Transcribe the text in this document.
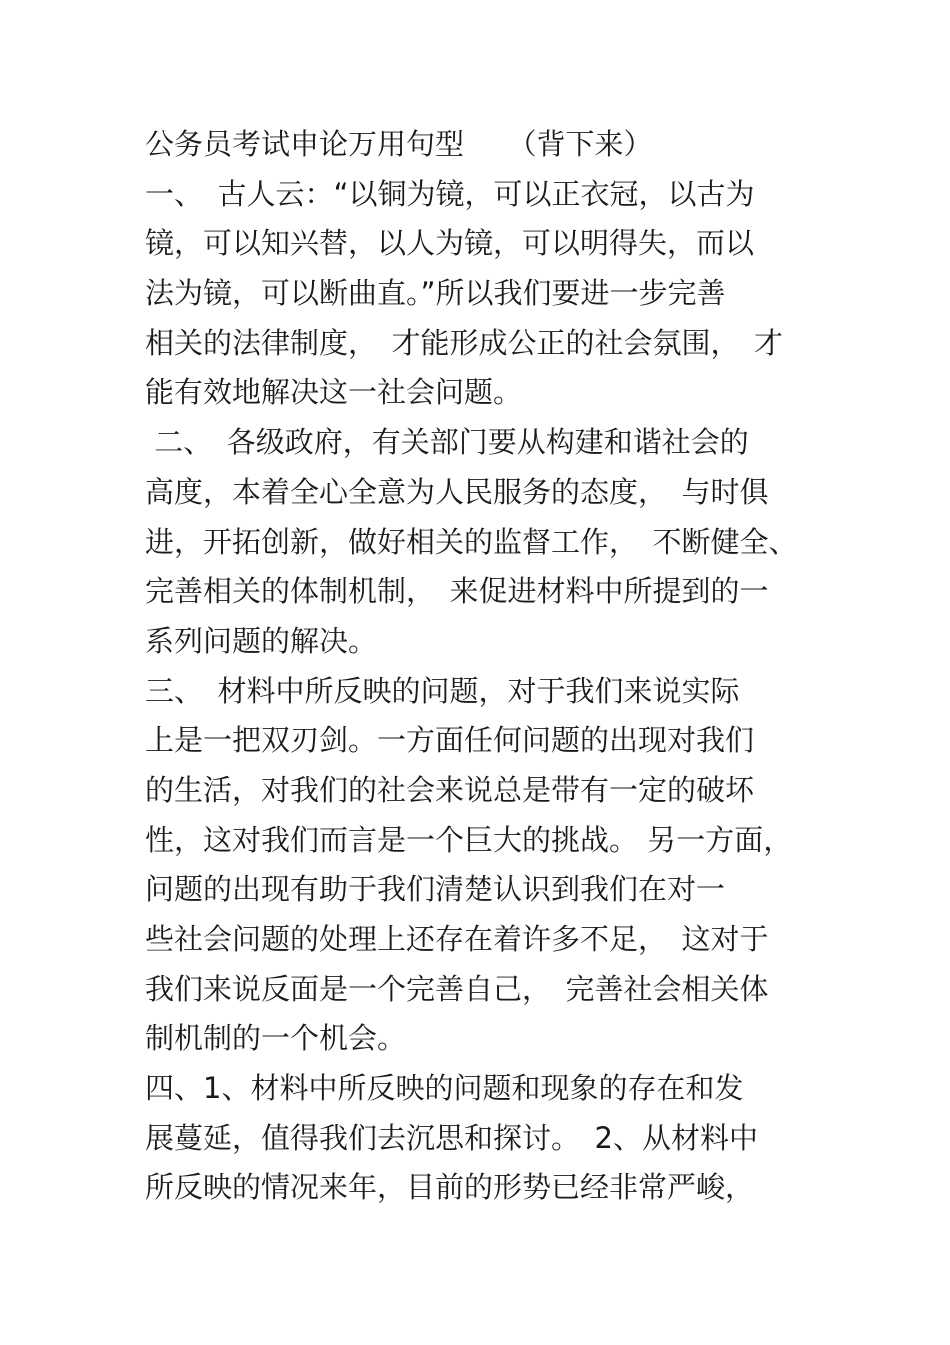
公务员考试申论万用句型　　（背下来）
一、　古人云：“以铜为镜，可以正衣冠，以古为
镜，可以知兴替，以人为镜，可以明得失，而以
法为镜，可以断曲直。”所以我们要进一步完善
相关的法律制度，　才能形成公正的社会氛围，　才
能有效地解决这一社会问题。
二、　各级政府，有关部门要从构建和谐社会的
高度，本着全心全意为人民服务的态度，　与时俱
进，开拓创新，做好相关的监督工作，　不断健全、
完善相关的体制机制，　来促进材料中所提到的一
系列问题的解决。
三、　材料中所反映的问题，对于我们来说实际
上是一把双刃剑。一方面任何问题的出现对我们
的生活，对我们的社会来说总是带有一定的破坏
性，这对我们而言是一个巨大的挑战。 另一方面，
问题的出现有助于我们清楚认识到我们在对一
些社会问题的处理上还存在着许多不足，　这对于
我们来说反面是一个完善自己，　完善社会相关体
制机制的一个机会。
四、1、材料中所反映的问题和现象的存在和发
展蔓延，值得我们去沉思和探讨。　2、从材料中
所反映的情况来年，目前的形势已经非常严峻，
